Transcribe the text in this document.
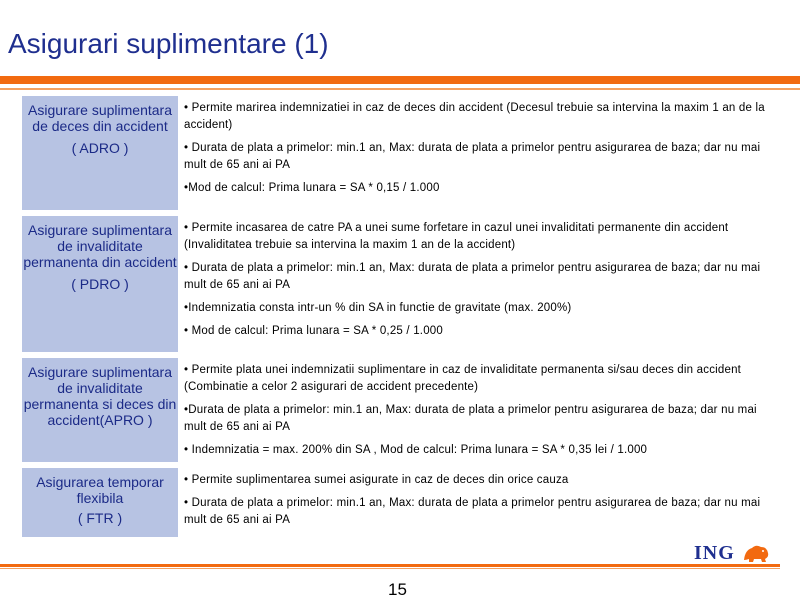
Asigurari suplimentare (1)
Asigurare suplimentara de deces din accident
( ADRO )

• Permite marirea indemnizatiei in caz de deces din accident (Decesul trebuie sa intervina la maxim 1 an de la accident)

• Durata de plata a primelor: min.1 an, Max: durata de plata a primelor pentru asigurarea de baza; dar nu mai mult de 65 ani ai PA

•Mod de calcul: Prima lunara = SA * 0,15 / 1.000

Asigurare suplimentara de invaliditate permanenta din accident
( PDRO )

• Permite incasarea de catre PA a unei sume forfetare in cazul unei invaliditati permanente din accident (Invaliditatea trebuie sa intervina la maxim 1 an de la accident)

• Durata de plata a primelor: min.1 an, Max: durata de plata a primelor pentru asigurarea de baza; dar nu mai mult de 65 ani ai PA

•Indemnizatia consta intr-un % din SA in functie de gravitate (max. 200%)

• Mod de calcul: Prima lunara = SA * 0,25 / 1.000

Asigurare suplimentara de invaliditate permanenta si deces din accident(APRO )

• Permite plata unei indemnizatii suplimentare in caz de invaliditate permanenta si/sau deces din accident (Combinatie a celor 2 asigurari de accident precedente)

•Durata de plata a primelor: min.1 an, Max: durata de plata a primelor pentru asigurarea de baza; dar nu mai mult de 65 ani ai PA

• Indemnizatia = max. 200% din SA , Mod de calcul: Prima lunara = SA * 0,35 lei / 1.000

Asigurarea temporar flexibila
( FTR )

• Permite suplimentarea sumei asigurate in caz de deces din orice cauza

• Durata de plata a primelor: min.1 an, Max: durata de plata a primelor pentru asigurarea de baza; dar nu mai mult de 65 ani ai PA

ING
15
